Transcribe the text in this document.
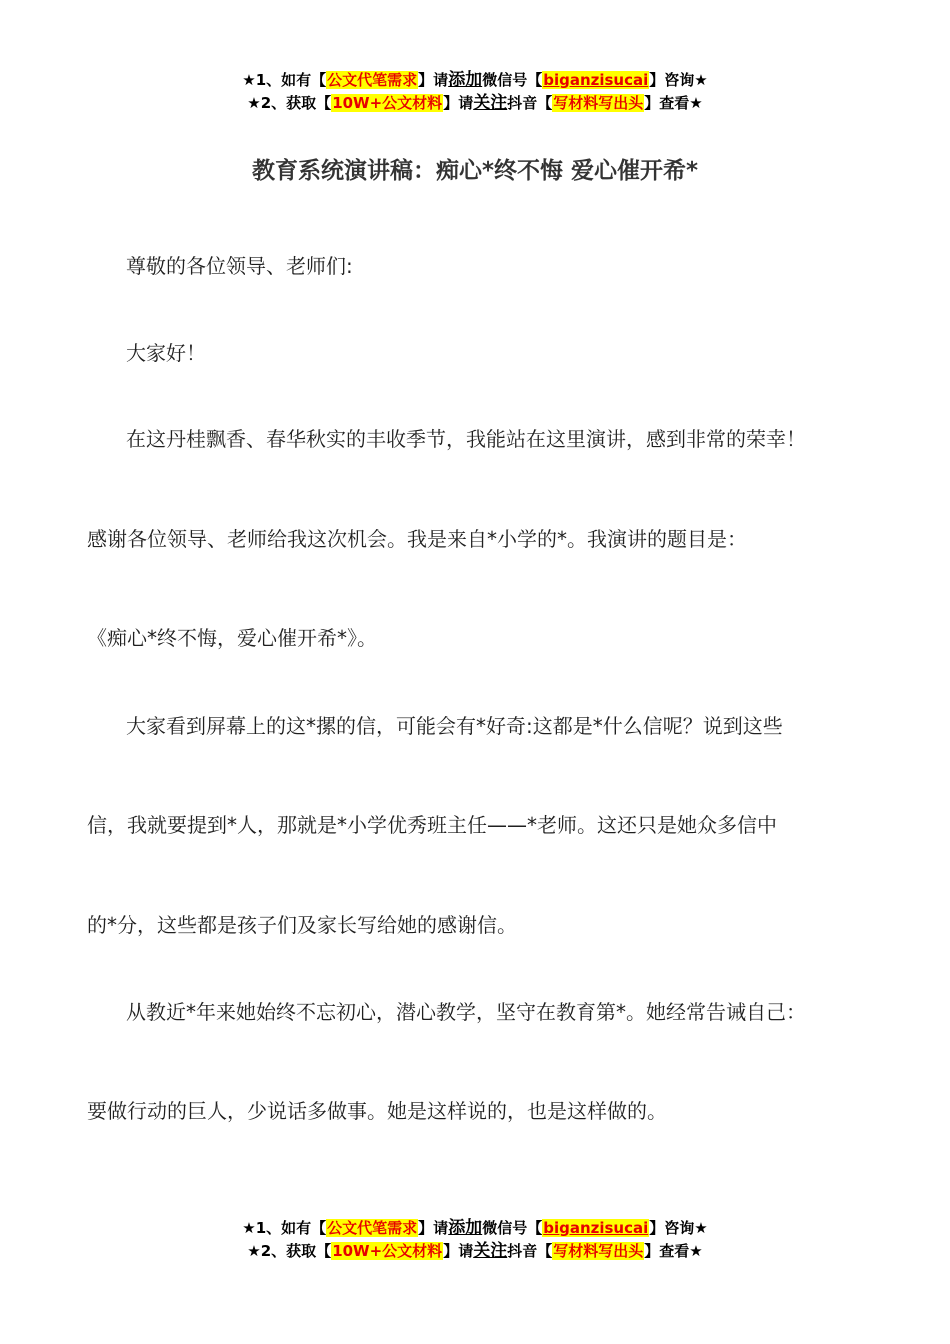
★1、如有【公文代笔需求】请添加微信号【biganzisucai】咨询★
★2、获取【10W+公文材料】请关注抖音【写材料写出头】查看★
教育系统演讲稿：痴心*终不悔 爱心催开希*
尊敬的各位领导、老师们:
大家好！
在这丹桂飘香、春华秋实的丰收季节，我能站在这里演讲，感到非常的荣幸！
感谢各位领导、老师给我这次机会。我是来自*小学的*。我演讲的题目是：
《痴心*终不悔，爱心催开希*》。
大家看到屏幕上的这*摞的信，可能会有*好奇:这都是*什么信呢？说到这些
信，我就要提到*人，那就是*小学优秀班主任——*老师。这还只是她众多信中
的*分，这些都是孩子们及家长写给她的感谢信。
从教近*年来她始终不忘初心，潜心教学，坚守在教育第*。她经常告诫自己：
要做行动的巨人，少说话多做事。她是这样说的，也是这样做的。
★1、如有【公文代笔需求】请添加微信号【biganzisucai】咨询★
★2、获取【10W+公文材料】请关注抖音【写材料写出头】查看★
